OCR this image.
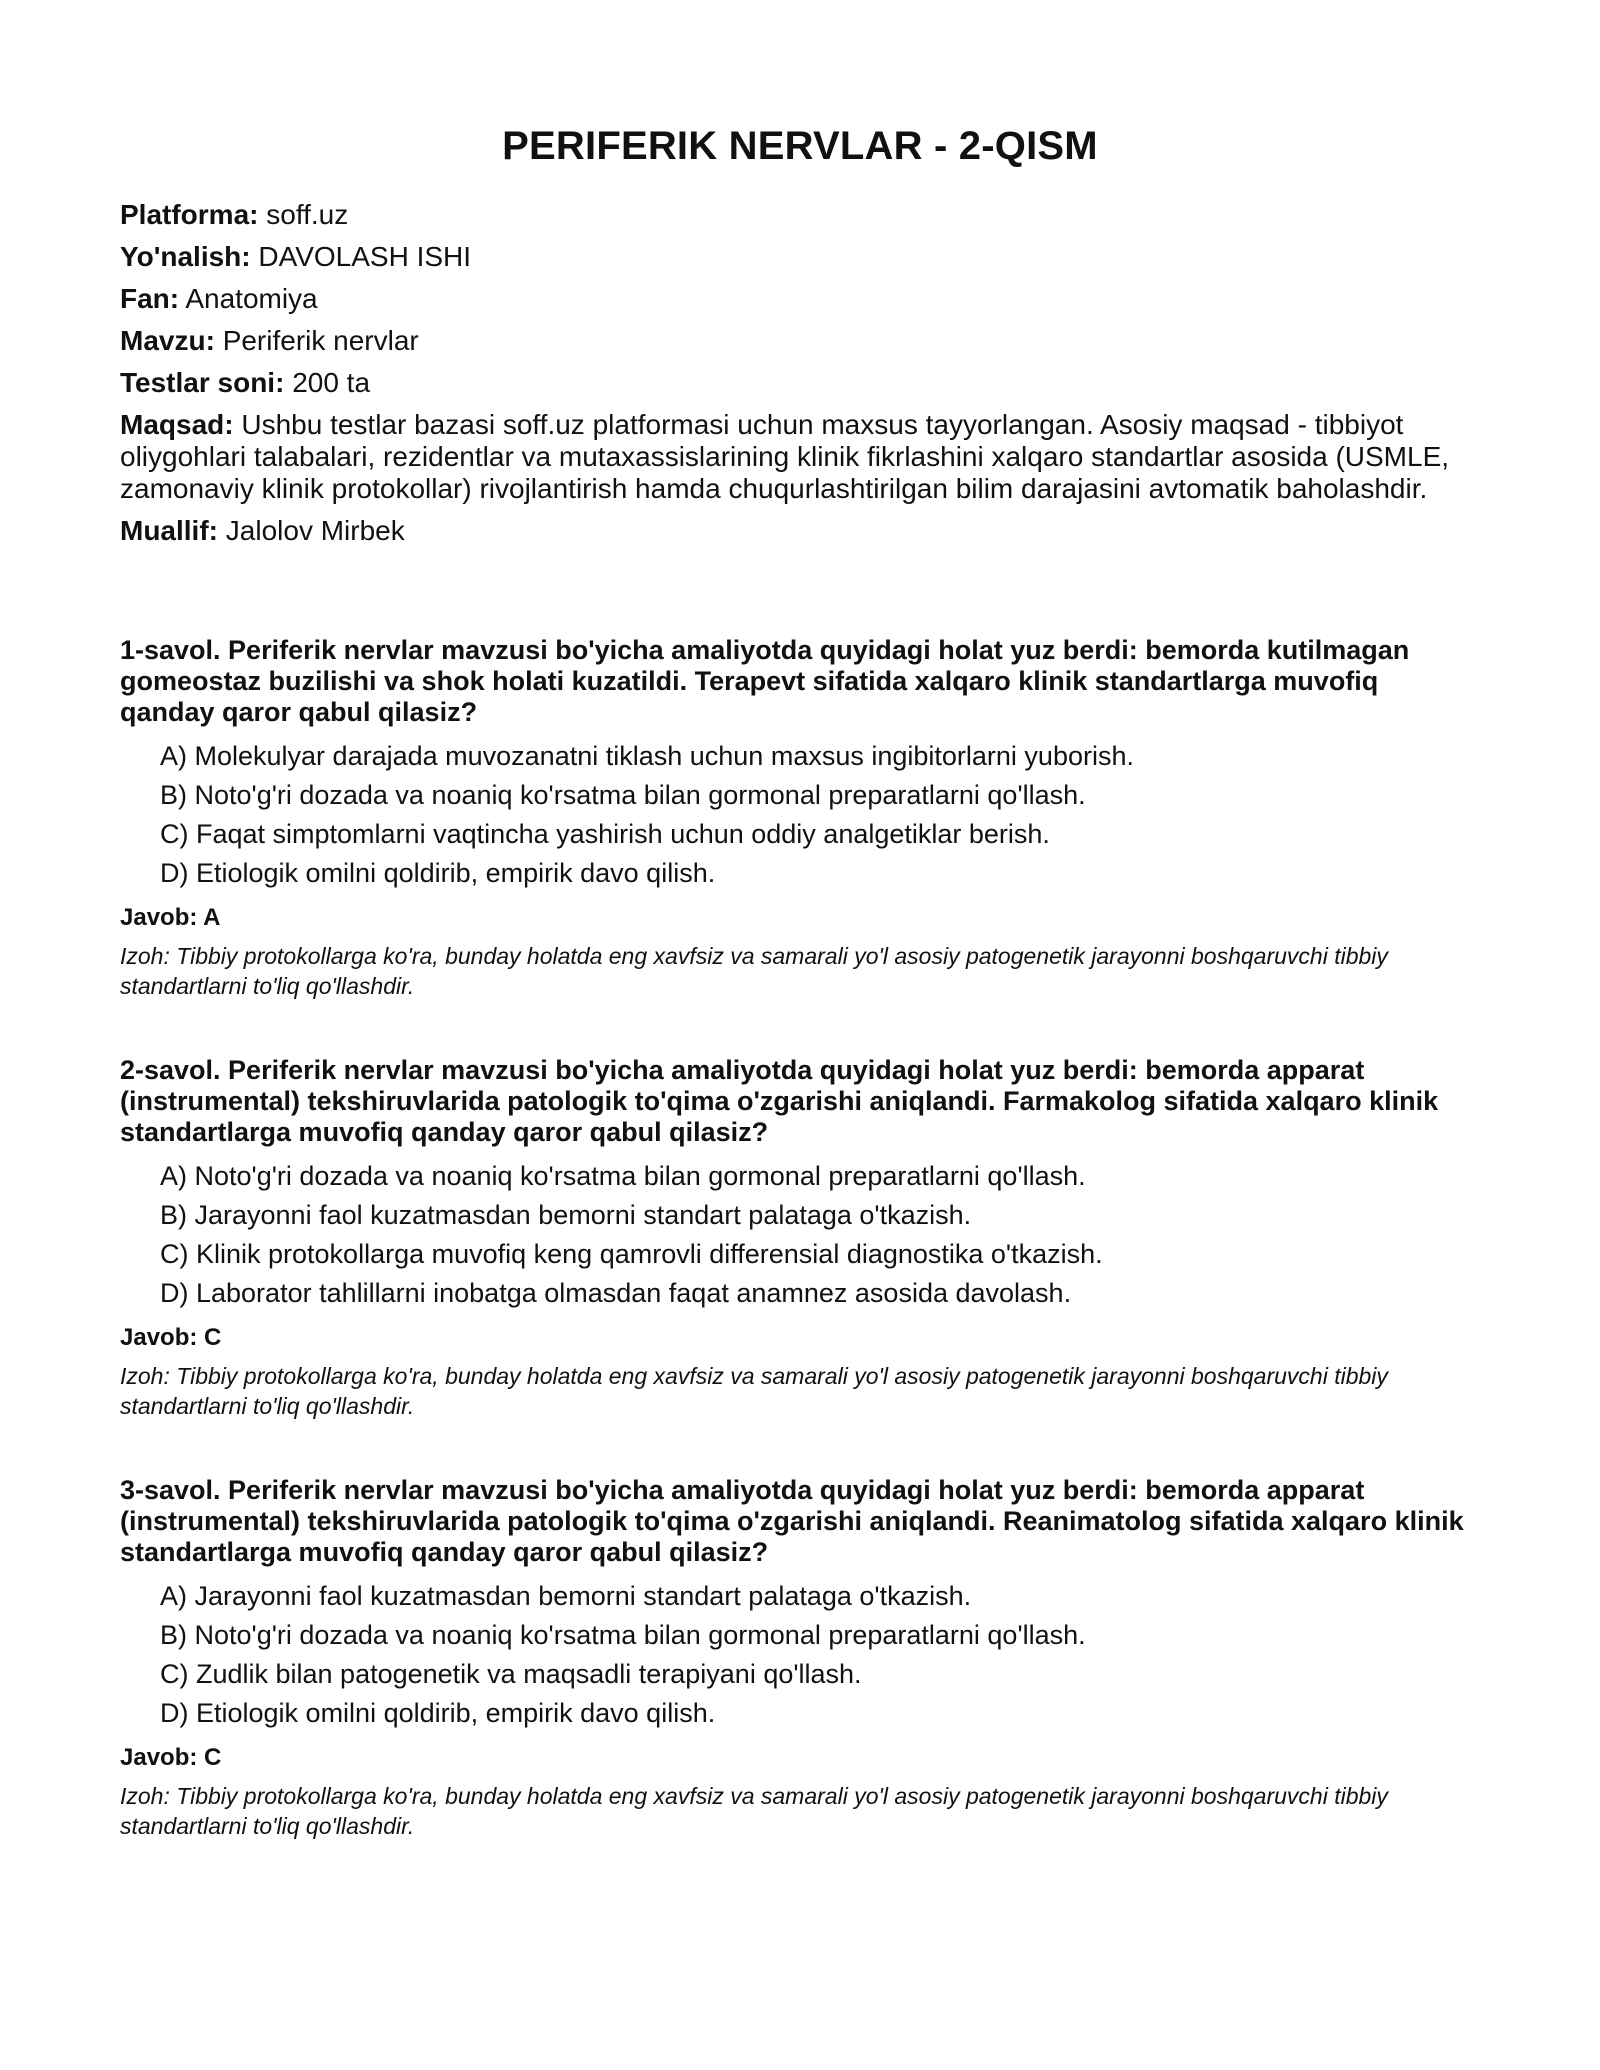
PERIFERIK NERVLAR - 2-QISM
Platforma: soff.uz
Yo'nalish: DAVOLASH ISHI
Fan: Anatomiya
Mavzu: Periferik nervlar
Testlar soni: 200 ta
Maqsad: Ushbu testlar bazasi soff.uz platformasi uchun maxsus tayyorlangan. Asosiy maqsad - tibbiyot oliygohlari talabalari, rezidentlar va mutaxassislarining klinik fikrlashini xalqaro standartlar asosida (USMLE, zamonaviy klinik protokollar) rivojlantirish hamda chuqurlashtirilgan bilim darajasini avtomatik baholashdir.
Muallif: Jalolov Mirbek
1-savol. Periferik nervlar mavzusi bo'yicha amaliyotda quyidagi holat yuz berdi: bemorda kutilmagan gomeostaz buzilishi va shok holati kuzatildi. Terapevt sifatida xalqaro klinik standartlarga muvofiq qanday qaror qabul qilasiz?
A) Molekulyar darajada muvozanatni tiklash uchun maxsus ingibitorlarni yuborish.
B) Noto'g'ri dozada va noaniq ko'rsatma bilan gormonal preparatlarni qo'llash.
C) Faqat simptomlarni vaqtincha yashirish uchun oddiy analgetiklar berish.
D) Etiologik omilni qoldirib, empirik davo qilish.
Javob: A
Izoh: Tibbiy protokollarga ko'ra, bunday holatda eng xavfsiz va samarali yo'l asosiy patogenetik jarayonni boshqaruvchi tibbiy standartlarni to'liq qo'llashdir.
2-savol. Periferik nervlar mavzusi bo'yicha amaliyotda quyidagi holat yuz berdi: bemorda apparat (instrumental) tekshiruvlarida patologik to'qima o'zgarishi aniqlandi. Farmakolog sifatida xalqaro klinik standartlarga muvofiq qanday qaror qabul qilasiz?
A) Noto'g'ri dozada va noaniq ko'rsatma bilan gormonal preparatlarni qo'llash.
B) Jarayonni faol kuzatmasdan bemorni standart palataga o'tkazish.
C) Klinik protokollarga muvofiq keng qamrovli differensial diagnostika o'tkazish.
D) Laborator tahlillarni inobatga olmasdan faqat anamnez asosida davolash.
Javob: C
Izoh: Tibbiy protokollarga ko'ra, bunday holatda eng xavfsiz va samarali yo'l asosiy patogenetik jarayonni boshqaruvchi tibbiy standartlarni to'liq qo'llashdir.
3-savol. Periferik nervlar mavzusi bo'yicha amaliyotda quyidagi holat yuz berdi: bemorda apparat (instrumental) tekshiruvlarida patologik to'qima o'zgarishi aniqlandi. Reanimatolog sifatida xalqaro klinik standartlarga muvofiq qanday qaror qabul qilasiz?
A) Jarayonni faol kuzatmasdan bemorni standart palataga o'tkazish.
B) Noto'g'ri dozada va noaniq ko'rsatma bilan gormonal preparatlarni qo'llash.
C) Zudlik bilan patogenetik va maqsadli terapiyani qo'llash.
D) Etiologik omilni qoldirib, empirik davo qilish.
Javob: C
Izoh: Tibbiy protokollarga ko'ra, bunday holatda eng xavfsiz va samarali yo'l asosiy patogenetik jarayonni boshqaruvchi tibbiy standartlarni to'liq qo'llashdir.
